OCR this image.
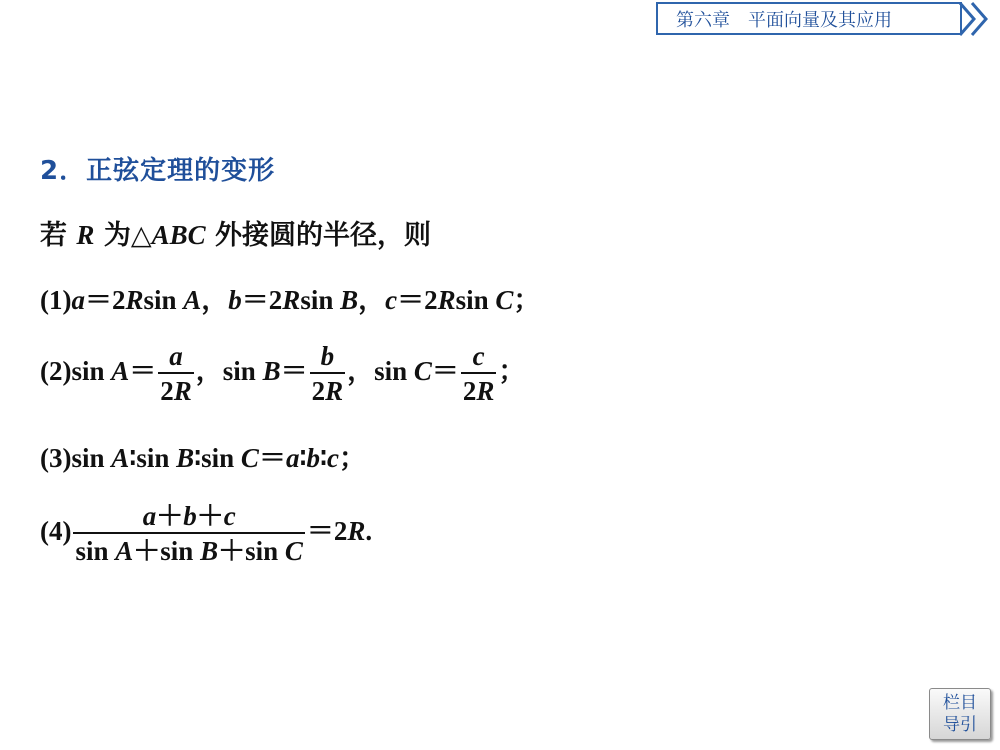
第六章　平面向量及其应用
2．正弦定理的变形
若 R 为△ABC 外接圆的半径，则
(1)a＝2Rsin A，b＝2Rsin B，c＝2Rsin C；
(2)sin $A= \frac{a}{2R}$ ，$\sin B= \frac{b}{2R}$ ，$\sin C= \frac{c}{2R}$ ；
(3)sin A∶sin B∶sin C＝a∶b∶c；
$(4) \frac{a+b+c}{\text{sin A＋sin B＋sin C}} =2R$.
栏目
导引
